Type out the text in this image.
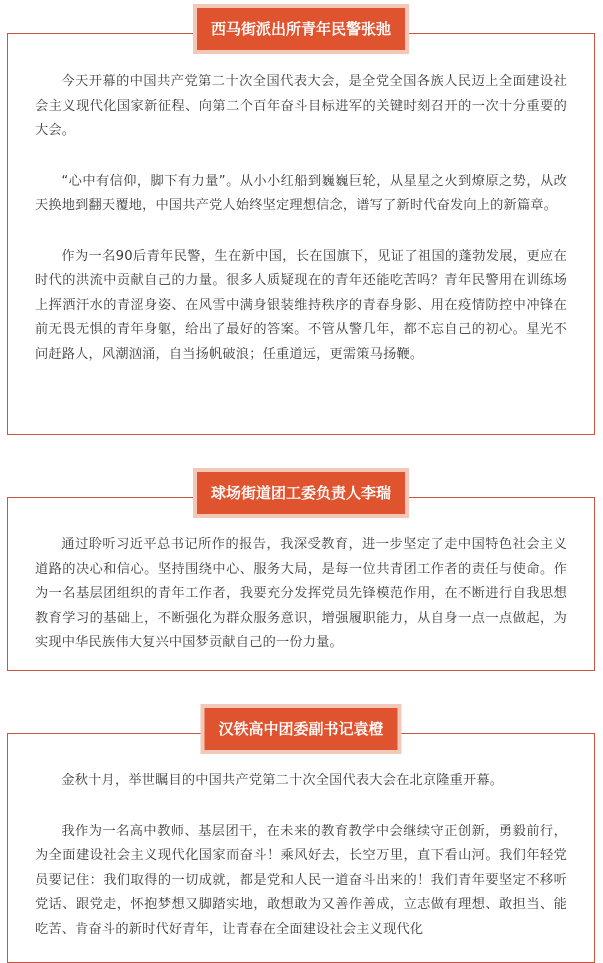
西马街派出所青年民警张弛

今天开幕的中国共产党第二十次全国代表大会，是全党全国各族人民迈上全面建设社会主义现代化国家新征程、向第二个百年奋斗目标进军的关键时刻召开的一次十分重要的大会。

“心中有信仰，脚下有力量”。从小小红船到巍巍巨轮，从星星之火到燎原之势，从改天换地到翻天覆地，中国共产党人始终坚定理想信念，谱写了新时代奋发向上的新篇章。

作为一名90后青年民警，生在新中国，长在国旗下，见证了祖国的蓬勃发展，更应在时代的洪流中贡献自己的力量。很多人质疑现在的青年还能吃苦吗？青年民警用在训练场上挥洒汗水的青涩身姿、在风雪中满身银装维持秩序的青春身影、用在疫情防控中冲锋在前无畏无惧的青年身躯，给出了最好的答案。不管从警几年，都不忘自己的初心。星光不问赶路人，风潮汹涌，自当扬帆破浪；任重道远，更需策马扬鞭。

球场街道团工委负责人李瑞

通过聆听习近平总书记所作的报告，我深受教育，进一步坚定了走中国特色社会主义道路的决心和信心。坚持围绕中心、服务大局，是每一位共青团工作者的责任与使命。作为一名基层团组织的青年工作者，我要充分发挥党员先锋模范作用，在不断进行自我思想教育学习的基础上，不断强化为群众服务意识，增强履职能力，从自身一点一点做起，为实现中华民族伟大复兴中国梦贡献自己的一份力量。

汉铁高中团委副书记袁橙

金秋十月，举世瞩目的中国共产党第二十次全国代表大会在北京隆重开幕。

我作为一名高中教师、基层团干，在未来的教育教学中会继续守正创新，勇毅前行，为全面建设社会主义现代化国家而奋斗！乘风好去，长空万里，直下看山河。我们年轻党员要记住：我们取得的一切成就，都是党和人民一道奋斗出来的！我们青年要坚定不移听党话、跟党走，怀抱梦想又脚踏实地，敢想敢为又善作善成，立志做有理想、敢担当、能吃苦、肯奋斗的新时代好青年，让青春在全面建设社会主义现代化
